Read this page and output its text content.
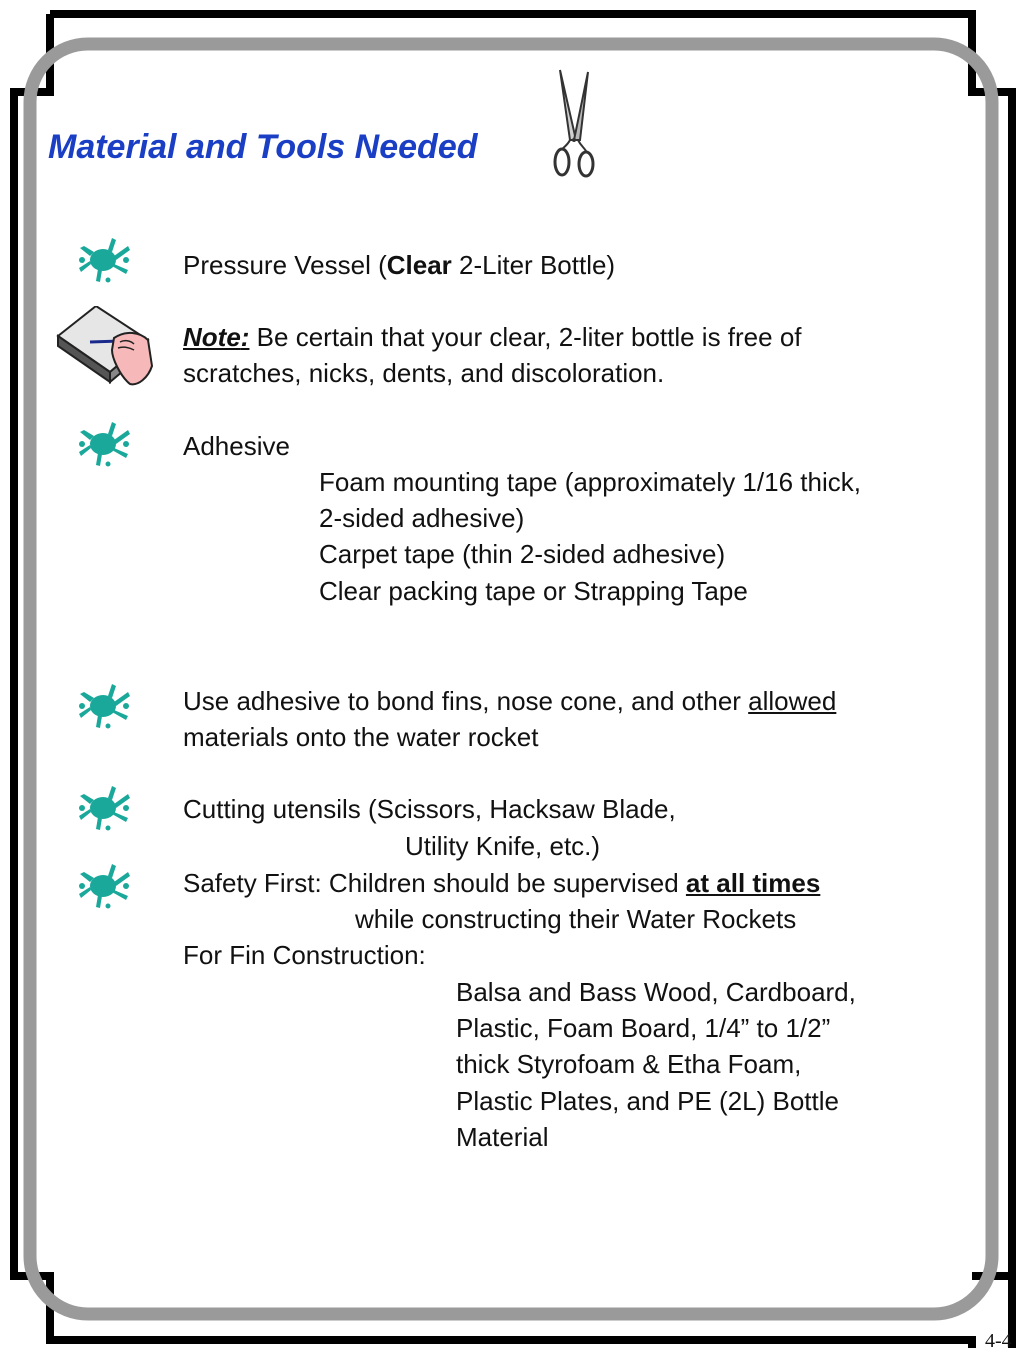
Material and Tools Needed
Pressure Vessel (Clear 2-Liter Bottle)
Note: Be certain that your clear, 2-liter bottle is free of
scratches, nicks, dents, and discoloration.
Adhesive
Foam mounting tape (approximately 1/16 thick,
2-sided adhesive)
Carpet tape (thin 2-sided adhesive)
Clear packing tape or Strapping Tape
Use adhesive to bond fins, nose cone, and other allowed
materials onto the water rocket
Cutting utensils (Scissors, Hacksaw Blade,
Utility Knife, etc.)
Safety First: Children should be supervised at all times
while constructing their Water Rockets
For Fin Construction:
Balsa and Bass Wood, Cardboard,
Plastic, Foam Board, 1/4” to 1/2”
thick Styrofoam & Etha Foam,
Plastic Plates, and PE (2L) Bottle
Material
4-4
